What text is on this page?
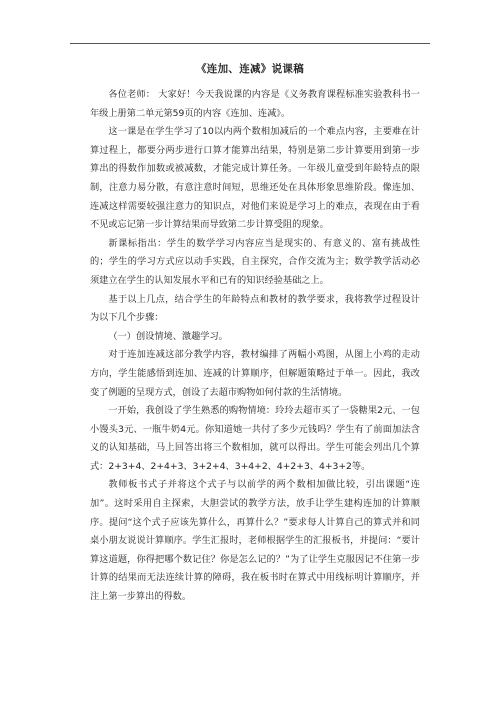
《连加、连减》说课稿

各位老师： 大家好！今天我说课的内容是《义务教育课程标准实验教科书一年级上册第二单元第59页的内容《连加、连减》。

这一课是在学生学习了10以内两个数相加减后的一个难点内容，主要难在计算过程上，都要分两步进行口算才能算出结果，特别是第二步计算要用到第一步算出的得数作加数或被减数，才能完成计算任务。一年级儿童受到年龄特点的限制，注意力易分散，有意注意时间短，思维还处在具体形象思维阶段。像连加、连减这样需要较强注意力的知识点，对他们来说是学习上的难点，表现在由于看不见或忘记第一步计算结果而导致第二步计算受阻的现象。

新课标指出：学生的数学学习内容应当是现实的、有意义的、富有挑战性的；学生的学习方式应以动手实践，自主探究，合作交流为主；数学教学活动必须建立在学生的认知发展水平和已有的知识经验基础之上。

基于以上几点，结合学生的年龄特点和教材的教学要求，我将教学过程设计为以下几个步骤：

（一）创设情境、激趣学习。

对于连加连减这部分教学内容，教材编排了两幅小鸡图，从图上小鸡的走动方向，学生能感悟到连加、连减的计算顺序，但解题策略过于单一。因此，我改变了例题的呈现方式，创设了去超市购物如何付款的生活情境。

一开始，我创设了学生熟悉的购物情境：玲玲去超市买了一袋糖果2元、一包小馒头3元、一瓶牛奶4元。你知道她一共付了多少元钱吗？学生有了前面加法含义的认知基础，马上回答出将三个数相加，就可以得出。学生可能会列出几个算式：2+3+4、2+4+3、3+2+4、3+4+2、4+2+3、4+3+2等。

教师板书式子并将这个式子与以前学的两个数相加做比较，引出课题“连加”。这时采用自主探索，大胆尝试的教学方法，放手让学生建构连加的计算顺序。提问“这个式子应该先算什么，再算什么？”要求每人计算自己的算式并和同桌小朋友说说计算顺序。学生汇报时，老师根据学生的汇报板书，并提问：“要计算这道题，你得把哪个数记住？你是怎么记的？”为了让学生克服因记不住第一步计算的结果而无法连续计算的障碍，我在板书时在算式中用线标明计算顺序，并注上第一步算出的得数。
